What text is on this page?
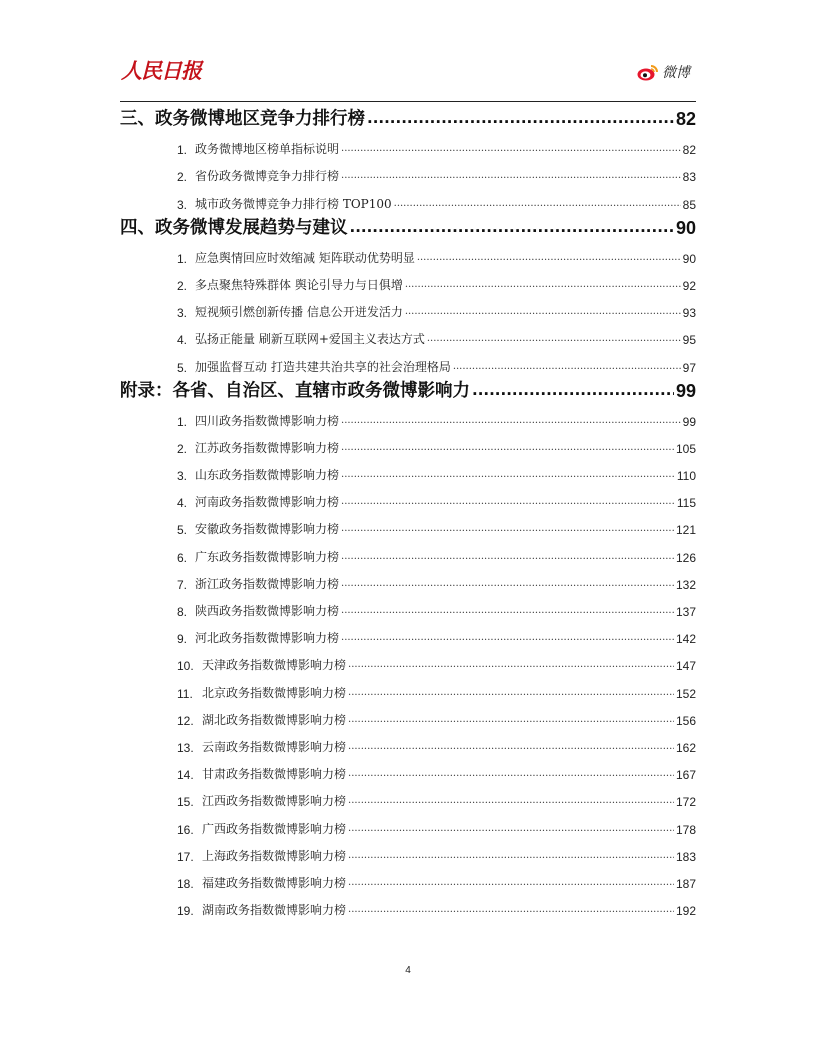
人民日报	微博
三、政务微博地区竞争力排行榜 .....	82
1. 政务微博地区榜单指标说明 .....	82
2. 省份政务微博竞争力排行榜 .....	83
3. 城市政务微博竞争力排行榜 TOP100 .....	85
四、政务微博发展趋势与建议 .....	90
1. 应急舆情回应时效缩减 矩阵联动优势明显 .....	90
2. 多点聚焦特殊群体 舆论引导力与日俱增 .....	92
3. 短视频引燃创新传播 信息公开迸发活力 .....	93
4. 弘扬正能量 刷新互联网+爱国主义表达方式 .....	95
5. 加强监督互动 打造共建共治共享的社会治理格局 .....	97
附录：各省、自治区、直辖市政务微博影响力 .....	99
1. 四川政务指数微博影响力榜 .....	99
2. 江苏政务指数微博影响力榜 .....	105
3. 山东政务指数微博影响力榜 .....	110
4. 河南政务指数微博影响力榜 .....	115
5. 安徽政务指数微博影响力榜 .....	121
6. 广东政务指数微博影响力榜 .....	126
7. 浙江政务指数微博影响力榜 .....	132
8. 陕西政务指数微博影响力榜 .....	137
9. 河北政务指数微博影响力榜 .....	142
10. 天津政务指数微博影响力榜 .....	147
11. 北京政务指数微博影响力榜 .....	152
12. 湖北政务指数微博影响力榜 .....	156
13. 云南政务指数微博影响力榜 .....	162
14. 甘肃政务指数微博影响力榜 .....	167
15. 江西政务指数微博影响力榜 .....	172
16. 广西政务指数微博影响力榜 .....	178
17. 上海政务指数微博影响力榜 .....	183
18. 福建政务指数微博影响力榜 .....	187
19. 湖南政务指数微博影响力榜 .....	192
4
